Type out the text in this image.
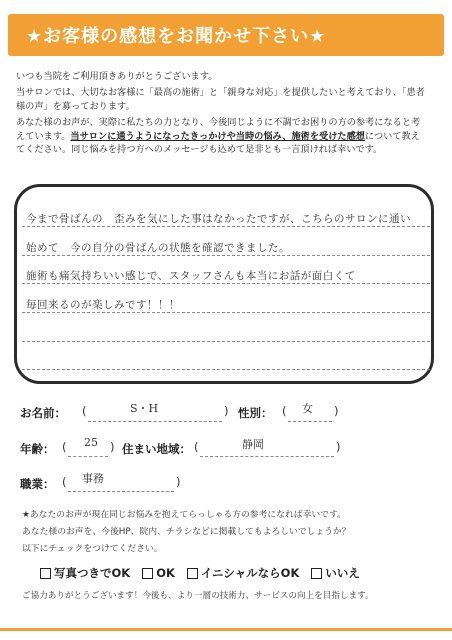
★お客様の感想をお聞かせ下さい★

いつも当院をご利用頂きありがとうございます。

当サロンでは、大切なお客様に「最高の施術」と「親身な対応」を提供したいと考えており、「患者
様の声」を募っております。

あなた様のお声が、実際に私たちの力となり、今後同じように不調でお困りの方の参考になると考
えています。当サロンに通うようになったきっかけや当時の悩み、施術を受けた感想について教え
てください。同じ悩みを持つ方へのメッセージも込めて是非とも一言頂ければ幸いです。

今まで骨ばんの　歪みを気にした事はなかったですが、こちらのサロンに通い
始めて　今の自分の骨ばんの状態を確認できました。
施術も痛気持ちいい感じで、スタッフさんも本当にお話が面白くて
毎回来るのが楽しみです！！！
お名前： (	S・H	) 性別： ( 女 )
年齢： ( 25 ) 住まい地域： (	静岡	)
職業： ( 事務	)
★あなたのお声が現在同じお悩みを抱えてらっしゃる方の参考になれば幸いです。
あなた様のお声を、今後HP、院内、チラシなどに掲載してもよろしいでしょうか？
以下にチェックをつけてください。
写真つきでOK OK イニシャルならOK いいえ
ご協力ありがとうございます！今後も、より一層の技術力、サービスの向上を目指します。
